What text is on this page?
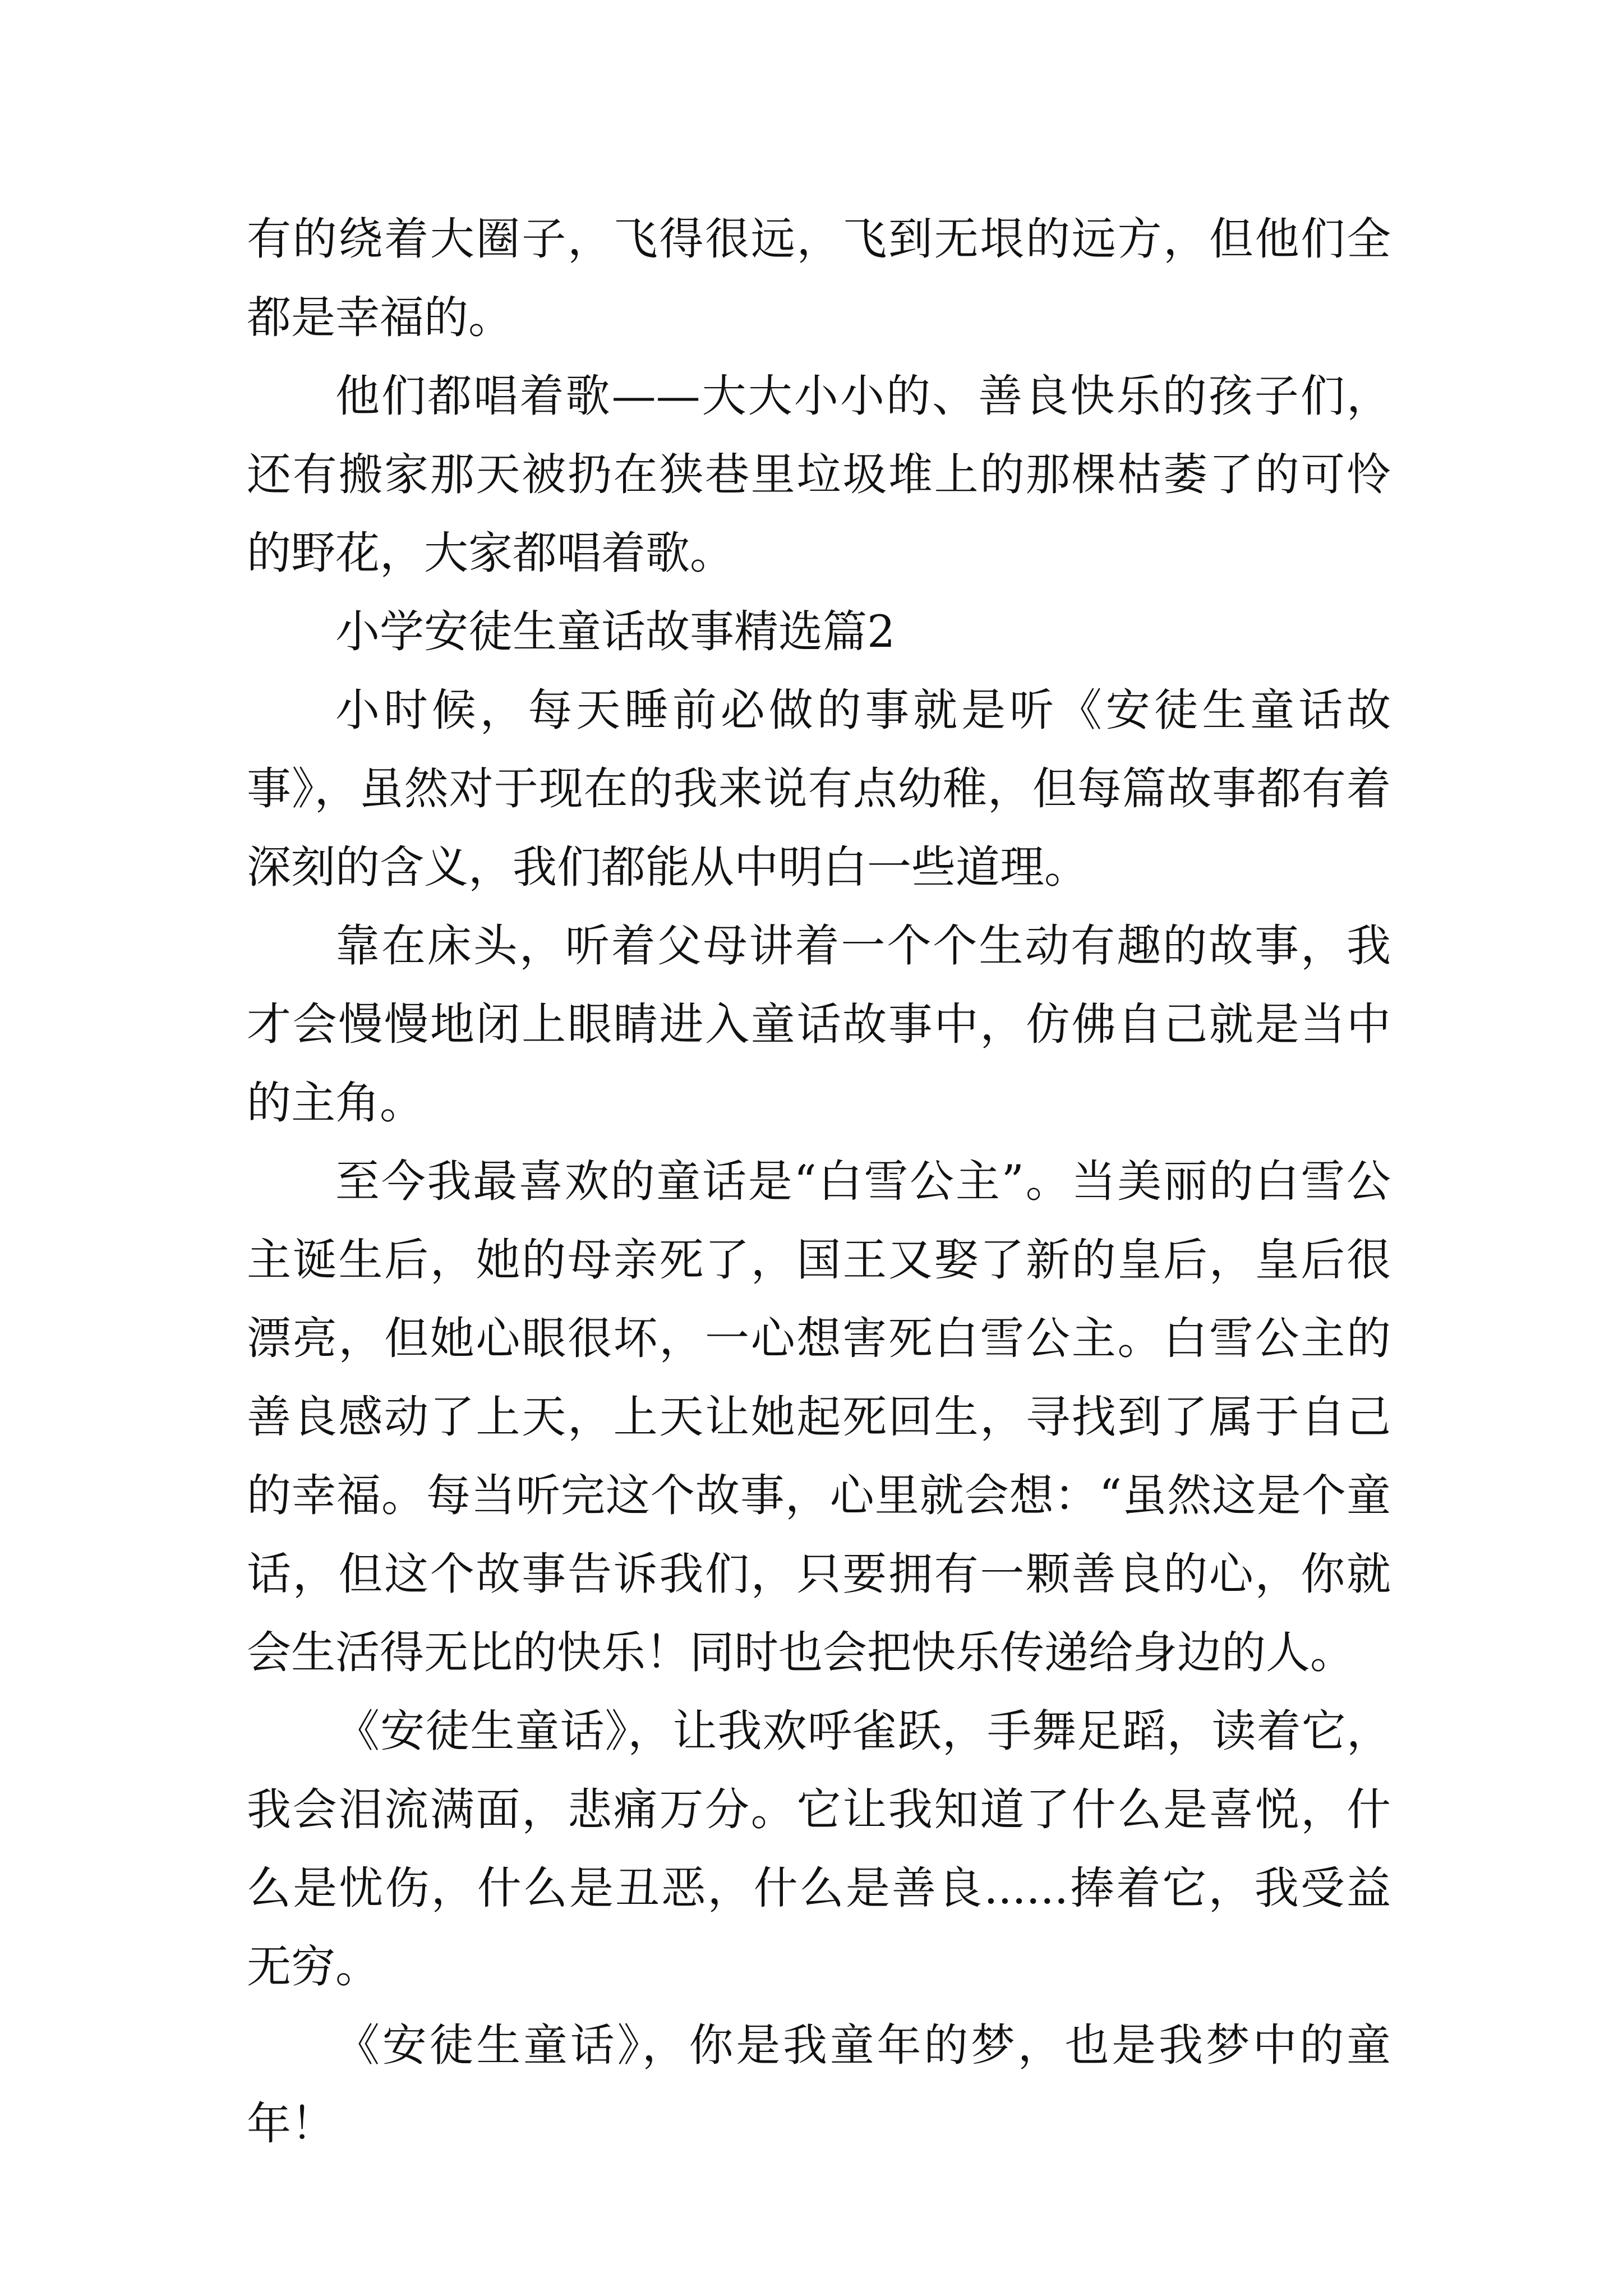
有的绕着大圈子，飞得很远，飞到无垠的远方，但他们全都是幸福的。

他们都唱着歌——大大小小的、善良快乐的孩子们，还有搬家那天被扔在狭巷里垃圾堆上的那棵枯萎了的可怜的野花，大家都唱着歌。

小学安徒生童话故事精选篇2

小时候，每天睡前必做的事就是听《安徒生童话故事》，虽然对于现在的我来说有点幼稚，但每篇故事都有着深刻的含义，我们都能从中明白一些道理。

靠在床头，听着父母讲着一个个生动有趣的故事，我才会慢慢地闭上眼睛进入童话故事中，仿佛自己就是当中的主角。

至今我最喜欢的童话是“白雪公主”。当美丽的白雪公主诞生后，她的母亲死了，国王又娶了新的皇后，皇后很漂亮，但她心眼很坏，一心想害死白雪公主。白雪公主的善良感动了上天，上天让她起死回生，寻找到了属于自己的幸福。每当听完这个故事，心里就会想：“虽然这是个童话，但这个故事告诉我们，只要拥有一颗善良的心，你就会生活得无比的快乐！同时也会把快乐传递给身边的人。

《安徒生童话》，让我欢呼雀跃，手舞足蹈，读着它，我会泪流满面，悲痛万分。它让我知道了什么是喜悦，什么是忧伤，什么是丑恶，什么是善良......捧着它，我受益无穷。

《安徒生童话》，你是我童年的梦，也是我梦中的童年！
